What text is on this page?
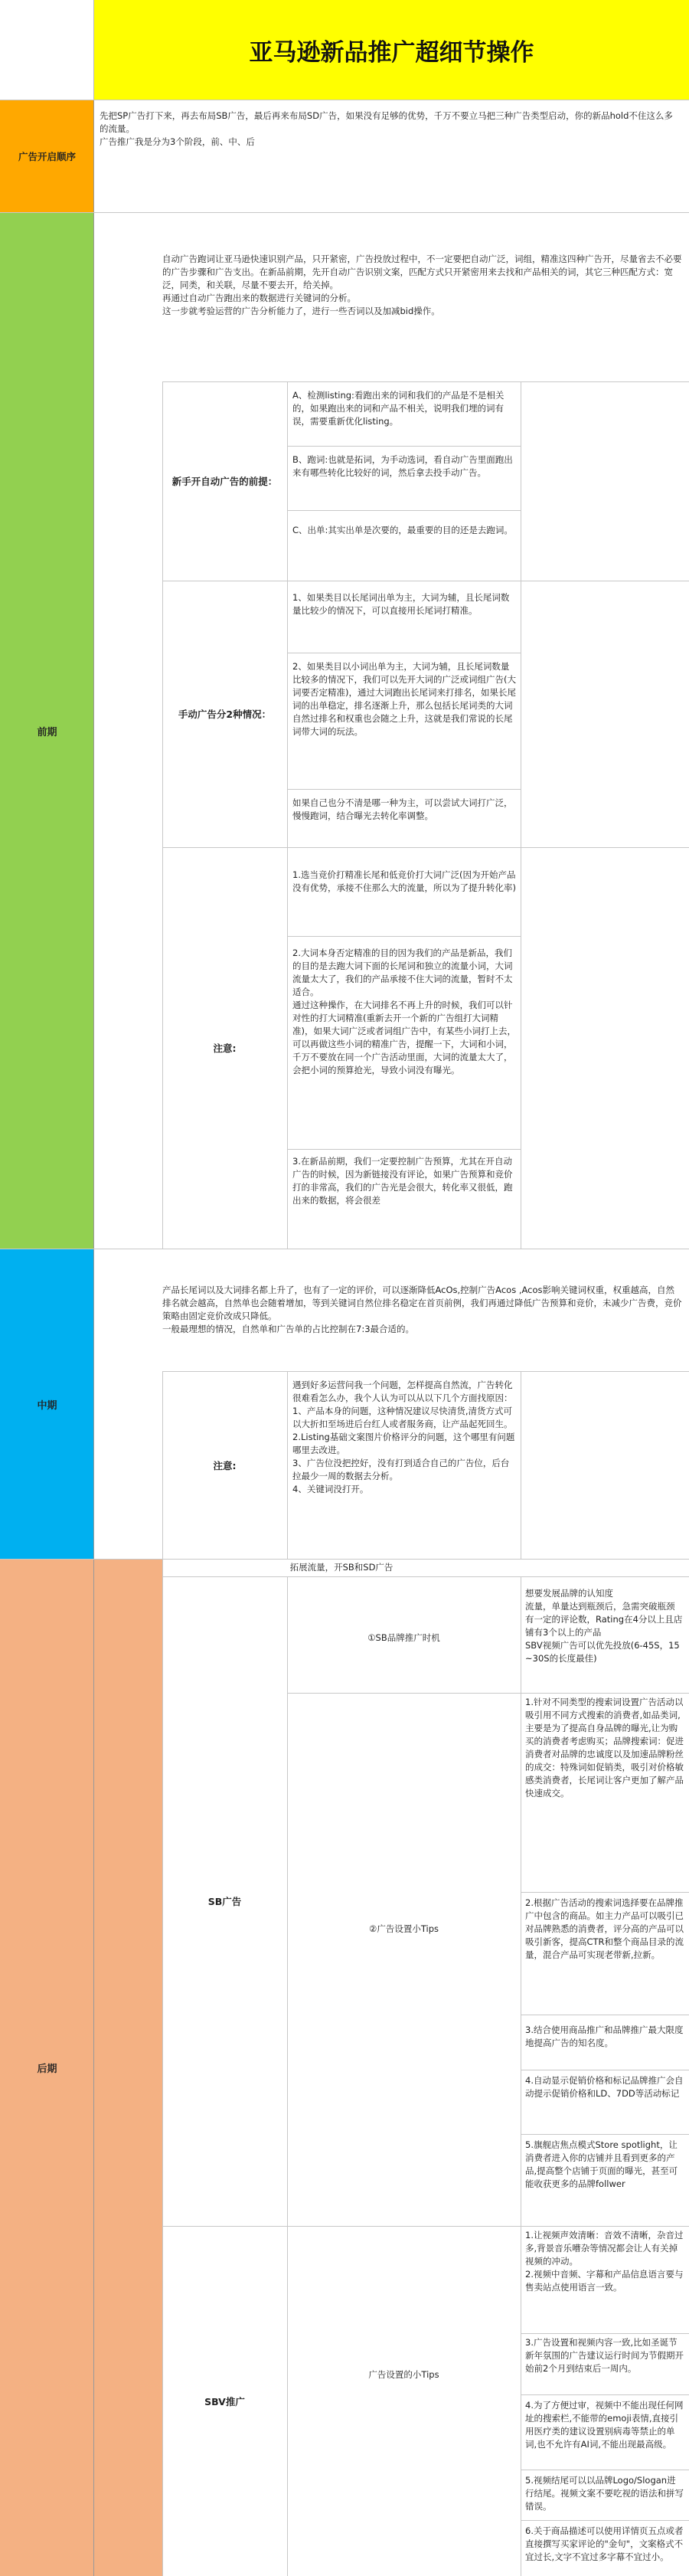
亚马逊新品推广超细节操作
广告开启顺序
先把SP广告打下来，再去布局SB广告，最后再来布局SD广告，如果没有足够的优势，千万不要立马把三种广告类型启动，你的新品hold不住这么多的流量。
广告推广我是分为3个阶段，前、中、后
前期
自动广告跑词让亚马逊快速识别产品，只开紧密，广告投放过程中，不一定要把自动广泛，词组，精准这四种广告开，尽量省去不必要的广告步骤和广告支出。在新品前期，先开自动广告识别文案，匹配方式只开紧密用来去找和产品相关的词，其它三种匹配方式：宽泛，同类，和关联，尽量不要去开，给关掉。
再通过自动广告跑出来的数据进行关键词的分析。
这一步就考验运营的广告分析能力了，进行一些否词以及加减bid操作。
新手开自动广告的前提：
A、检测listing:看跑出来的词和我们的产品是不是相关的，如果跑出来的词和产品不相关，说明我们埋的词有误，需要重新优化listing。
B、跑词:也就是拓词，为手动选词，看自动广告里面跑出来有哪些转化比较好的词，然后拿去投手动广告。
C、出单:其实出单是次要的，最重要的目的还是去跑词。
手动广告分2种情况：
1、如果类目以长尾词出单为主，大词为辅，且长尾词数量比较少的情况下，可以直接用长尾词打精准。
2、如果类目以小词出单为主，大词为辅，且长尾词数量比较多的情况下，我们可以先开大词的广泛或词组广告(大词要否定精准)，通过大词跑出长尾词来打排名，如果长尾词的出单稳定，排名逐渐上升，那么包括长尾词类的大词自然过排名和权重也会随之上升，这就是我们常说的长尾词带大词的玩法。
如果自己也分不清是哪一种为主，可以尝试大词打广泛，慢慢跑词，结合曝光去转化率调整。
注意:
1.选当竞价打精准长尾和低竞价打大词广泛(因为开始产品没有优势，承接不住那么大的流量，所以为了提升转化率)
2.大词本身否定精准的目的因为我们的产品是新品，我们的目的是去跑大词下面的长尾词和独立的流量小词，大词流量太大了，我们的产品承接不住大词的流量，暂时不太适合。
通过这种操作，在大词排名不再上升的时候，我们可以针对性的打大词精准(重新去开一个新的广告组打大词精准)，如果大词广泛或者词组广告中，有某些小词打上去，可以再做这些小词的精准广告，提醒一下，大词和小词，千万不要放在同一个广告活动里面，大词的流量太大了，会把小词的预算抢光，导致小词没有曝光。
3.在新品前期，我们一定要控制广告预算，尤其在开自动广告的时候，因为新链接没有评论，如果广告预算和竞价打的非常高，我们的广告光是会很大，转化率又很低，跑出来的数据，将会很差
中期
产品长尾词以及大词排名都上升了，也有了一定的评价，可以逐渐降低AcOs,控制广告Acos ,Acos影响关键词权重，权重越高，自然排名就会越高，自然单也会随着增加，等到关键词自然位排名稳定在首页前例，我们再通过降低广告预算和竞价，未减少广告费，竞价策略由固定竞价改成只降低。
一般最理想的情况，自然单和广告单的占比控制在7:3最合适的。
注意:
遇到好多运营问我一个问题，怎样提高自然流，广告转化很难看怎么办，我个人认为可以从以下几个方面找原因：
1、产品本身的问题，这种情况建议尽快清货,清货方式可以大折扣至场进后台红人或者服务商，让产品起死回生。
2.Listing基础文案图片价格评分的问题，这个哪里有问题哪里去改进。
3、广告位没把控好，没有打到适合自己的广告位，后台拉最少一周的数据去分析。
4、关键词没打开。
后期
拓展流量，开SB和SD广告
SB广告
①SB品牌推广时机
想要发展品牌的认知度
流量，单量达到瓶颈后，急需突破瓶颈
有一定的评论数，Rating在4分以上且店铺有3个以上的产品
SBV视频广告可以优先投放(6-45S，15~30S的长度最佳)
②广告设置小Tips
1.针对不同类型的搜索词设置广告活动以吸引用不同方式搜索的消费者,如品类词,主要是为了提高自身品牌的曝光,让为购买的消费者考虑购买；品牌搜索词：促进消费者对品牌的忠诚度以及加速品牌粉丝的成交：特殊词如促销类，吸引对价格敏感类消费者，长尾词让客户更加了解产品快速成交。
2.根据广告活动的搜索词选择要在品牌推广中包含的商品。如主力产品可以吸引已对品牌熟悉的消费者，评分高的产品可以吸引新客，提高CTR和整个商品目录的流量，混合产品可实现老带新,拉新。
3.结合使用商品推广和品牌推广最大限度地提高广告的知名度。
4.自动显示促销价格和标记品牌推广会自动提示促销价格和LD、7DD等活动标记
5.旗舰店焦点模式Store spotlight，让消费者进入你的店铺并且看到更多的产品,提高整个店铺于页面的曝光，甚至可能收获更多的品牌follwer
SBV推广
广告设置的小Tips
1.让视频声效清晰：音效不清晰，杂音过多,背景音乐嘈杂等情况都会让人有关掉视频的冲动。
2.视频中音频、字幕和产品信息语言要与售卖站点使用语言一致。
3.广告设置和视频内容一致,比如圣诞节新年氛围的广告建议运行时间为节假期开始前2个月到结束后一周内。
4.为了方便过审，视频中不能出现任何网址的搜索栏,不能带的emoji表情,直接引用医疗类的建议设置别病毒等禁止的单词,也不允许有AI词,不能出现最高级。
5.视频结尾可以以品牌Logo/Slogan进行结尾。视频文案不要吃视的语法和拼写错误。
6.关于商品描述可以使用详情页五点或者直接撰写买家评论的"金句"，文案格式不宜过长,文字不宜过多字幕不宜过小。
